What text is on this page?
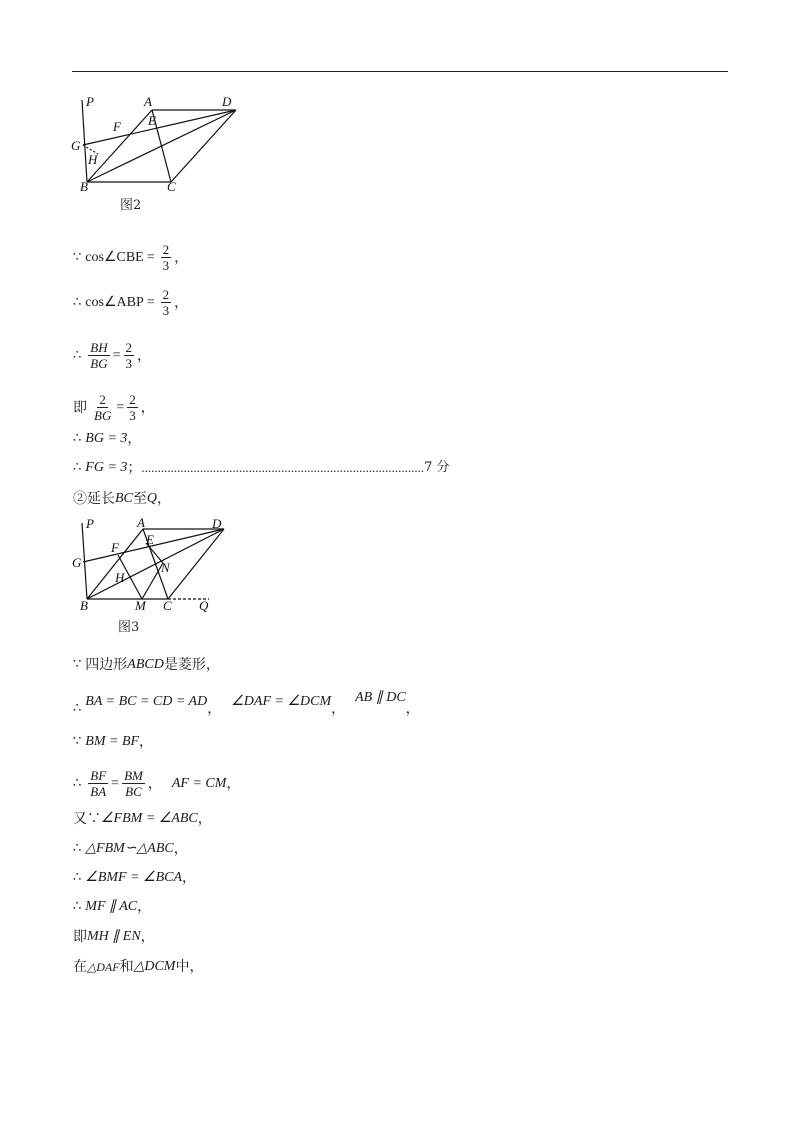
P	A	D
F E
G
H
B	C
图2
∵ cos∠CBE = $\frac{2}{3}$ ，
∴ cos∠ABP = $\frac{2}{3}$ ，
∴ $\frac{BH}{BG} = \frac{2}{3}$ ，
即 $\frac{2}{BG} = \frac{2}{3}$ ，
∴ BG = 3 ，
∴ FG = 3 ； ....................................................................................... 7 分
②延长 BC 至 Q ，
P	A	D
F
E
G
H
N
B	M C Q
图3
∵ 四边形 ABCD 是菱形，
∴ BA = BC = CD = AD ， ∠DAF = ∠DCM ，
AB ∥ DC
，
∵ BM = BF ，
∴ $\frac{BF}{BA} = \frac{BM}{BC}$ ， AF = CM ，
又∵ ∠FBM = ∠ABC ，
∴ △FBM∽△ABC ，
∴ ∠BMF = ∠BCA ，
∴ MF ∥ AC ，
即 MH ∥ EN ，
在 △DAF 和 △DCM 中，
